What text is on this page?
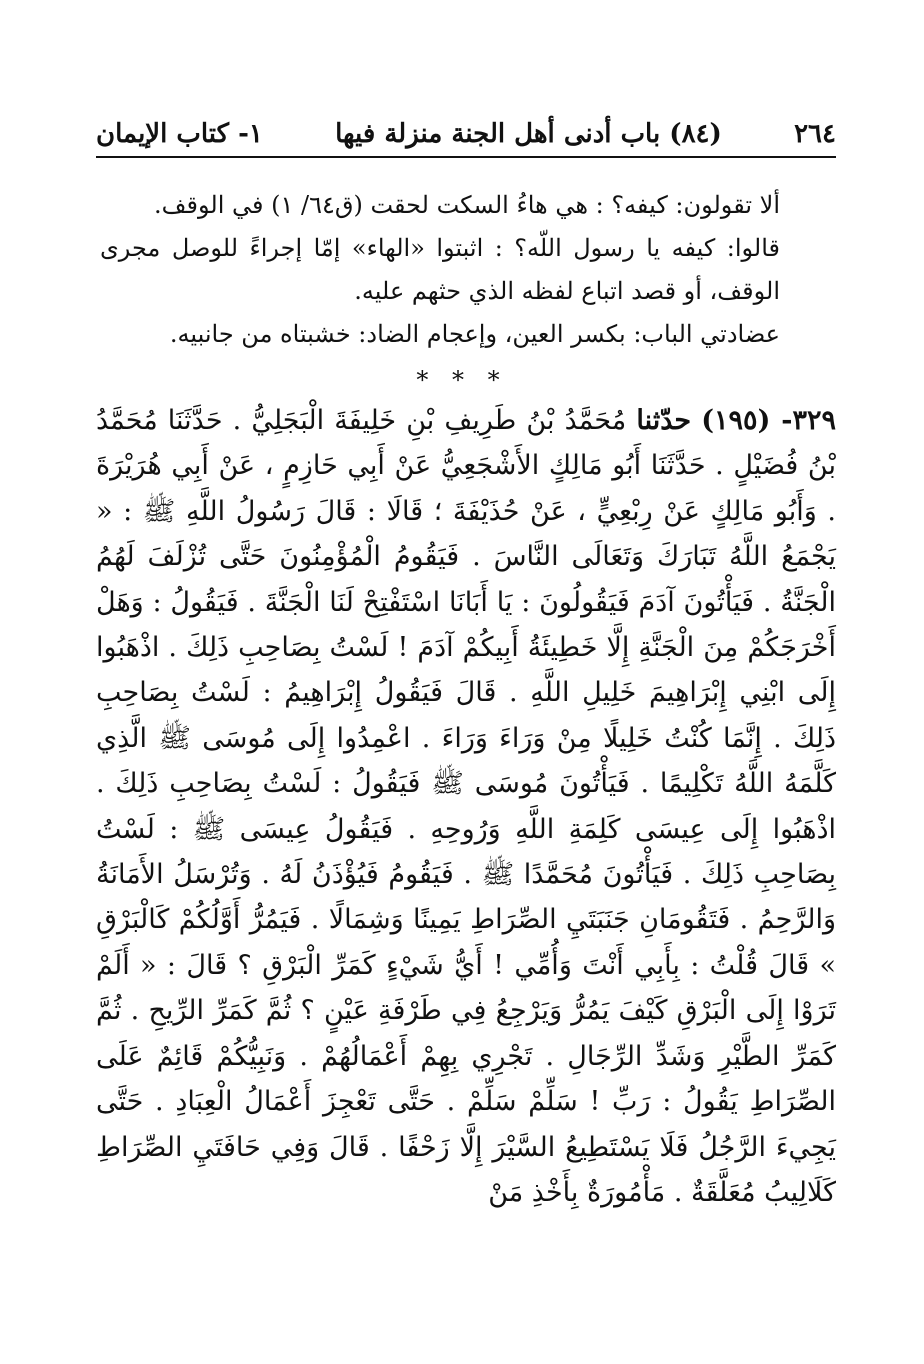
٢٦٤
(٨٤) باب أدنى أهل الجنة منزلة فيها
١- كتاب الإيمان

ألا تقولون: كيفه؟ : هي هاءُ السكت لحقت (ق٦٤/ ١) في الوقف.

قالوا: كيفه يا رسول اللّه؟ : اثبتوا «الهاء» إمّا إجراءً للوصل مجرى الوقف، أو قصد اتباع لفظه الذي حثهم عليه.

عضادتي الباب: بكسر العين، وإعجام الضاد: خشبتاه من جانبيه.

* * *
٣٢٩- (١٩٥) حدّثنا مُحَمَّدُ بْنُ طَرِيفِ بْنِ خَلِيفَةَ الْبَجَلِيُّ . حَدَّثَنَا مُحَمَّدُ بْنُ فُضَيْلٍ . حَدَّثَنَا أَبُو مَالِكٍ الأَشْجَعِيُّ عَنْ أَبِي حَازِمٍ ، عَنْ أَبِي هُرَيْرَةَ . وَأَبُو مَالِكٍ عَنْ رِبْعِيٍّ ، عَنْ حُذَيْفَةَ ؛ قَالَا : قَالَ رَسُولُ اللَّهِ ﷺ : « يَجْمَعُ اللَّهُ تَبَارَكَ وَتَعَالَى النَّاسَ . فَيَقُومُ الْمُؤْمِنُونَ حَتَّى تُزْلَفَ لَهُمُ الْجَنَّةُ . فَيَأْتُونَ آدَمَ فَيَقُولُونَ : يَا أَبَانَا اسْتَفْتِحْ لَنَا الْجَنَّةَ . فَيَقُولُ : وَهَلْ أَخْرَجَكُمْ مِنَ الْجَنَّةِ إِلَّا خَطِيئَةُ أَبِيكُمْ آدَمَ ! لَسْتُ بِصَاحِبِ ذَلِكَ . اذْهَبُوا إِلَى ابْنِي إِبْرَاهِيمَ خَلِيلِ اللَّهِ . قَالَ فَيَقُولُ إِبْرَاهِيمُ : لَسْتُ بِصَاحِبِ ذَلِكَ . إِنَّمَا كُنْتُ خَلِيلًا مِنْ وَرَاءَ وَرَاءَ . اعْمِدُوا إِلَى مُوسَى ﷺ الَّذِي كَلَّمَهُ اللَّهُ تَكْلِيمًا . فَيَأْتُونَ مُوسَى ﷺ فَيَقُولُ : لَسْتُ بِصَاحِبِ ذَلِكَ . اذْهَبُوا إِلَى عِيسَى كَلِمَةِ اللَّهِ وَرُوحِهِ . فَيَقُولُ عِيسَى ﷺ : لَسْتُ بِصَاحِبِ ذَلِكَ . فَيَأْتُونَ مُحَمَّدًا ﷺ . فَيَقُومُ فَيُؤْذَنُ لَهُ . وَتُرْسَلُ الأَمَانَةُ وَالرَّحِمُ . فَتَقُومَانِ جَنَبَتَيِ الصِّرَاطِ يَمِينًا وَشِمَالًا . فَيَمُرُّ أَوَّلُكُمْ كَالْبَرْقِ » قَالَ قُلْتُ : بِأَبِي أَنْتَ وَأُمِّي ! أَيُّ شَيْءٍ كَمَرِّ الْبَرْقِ ؟ قَالَ : « أَلَمْ تَرَوْا إِلَى الْبَرْقِ كَيْفَ يَمُرُّ وَيَرْجِعُ فِي طَرْفَةِ عَيْنٍ ؟ ثُمَّ كَمَرِّ الرِّيحِ . ثُمَّ كَمَرِّ الطَّيْرِ وَشَدِّ الرِّجَالِ . تَجْرِي بِهِمْ أَعْمَالُهُمْ . وَنَبِيُّكُمْ قَائِمٌ عَلَى الصِّرَاطِ يَقُولُ : رَبِّ ! سَلِّمْ سَلِّمْ . حَتَّى تَعْجِزَ أَعْمَالُ الْعِبَادِ . حَتَّى يَجِيءَ الرَّجُلُ فَلَا يَسْتَطِيعُ السَّيْرَ إِلَّا زَحْفًا . قَالَ وَفِي حَافَتَيِ الصِّرَاطِ كَلَالِيبُ مُعَلَّقَةٌ . مَأْمُورَةٌ بِأَخْذِ مَنْ
